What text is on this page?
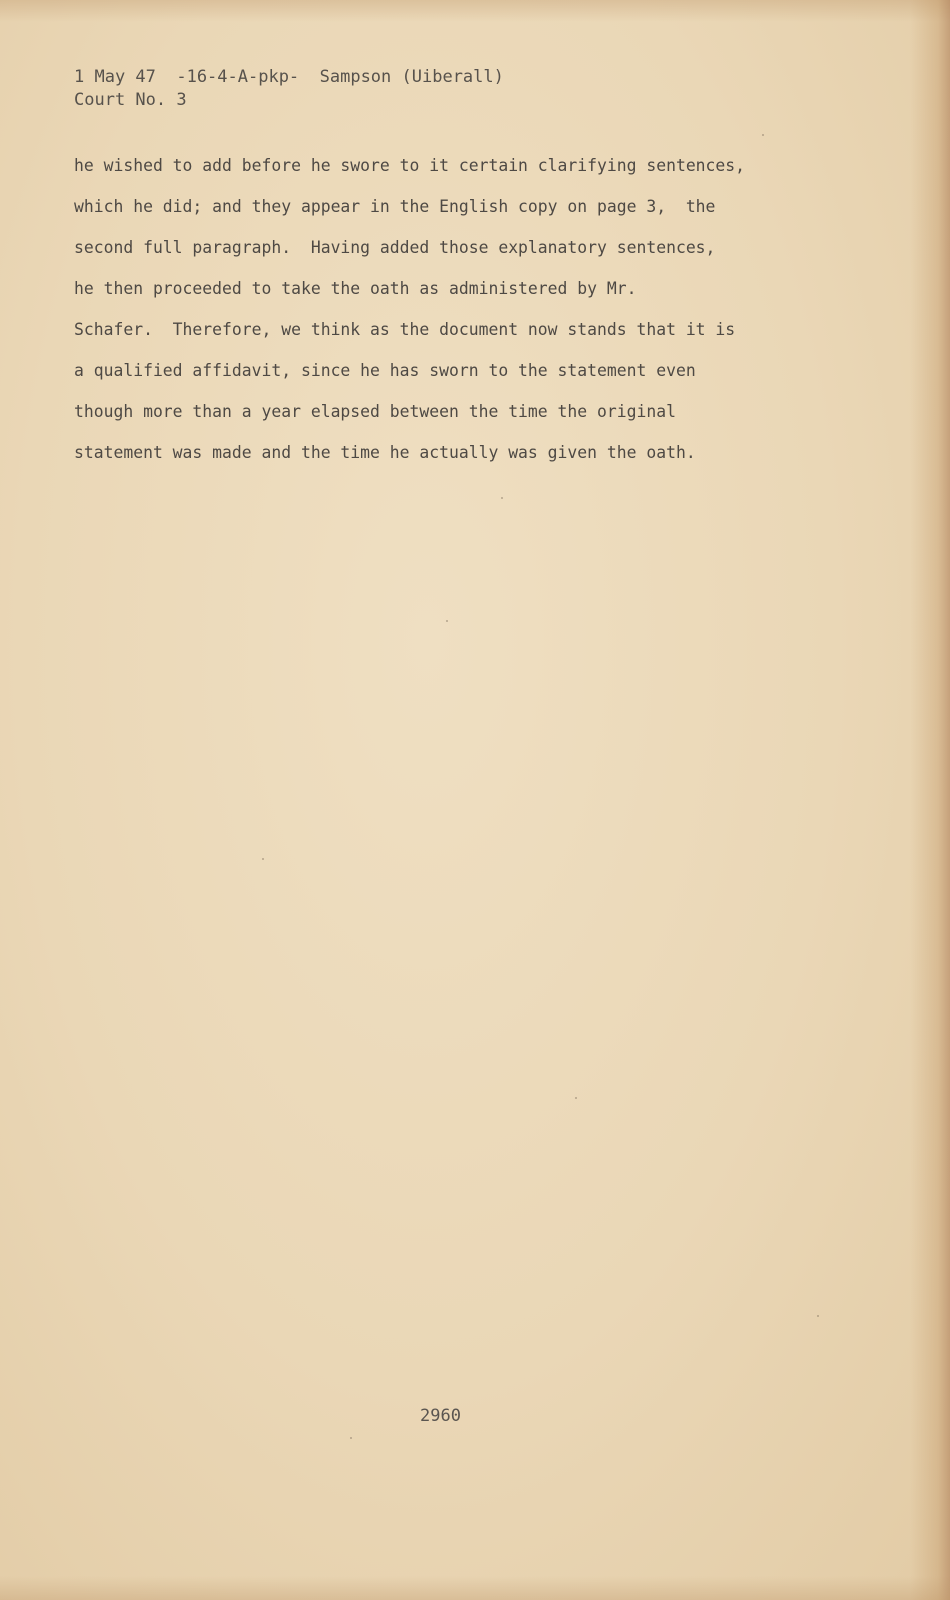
1 May 47  -16-4-A-pkp-  Sampson (Uiberall)
Court No. 3
he wished to add before he swore to it certain clarifying sentences,
which he did; and they appear in the English copy on page 3,  the
second full paragraph.  Having added those explanatory sentences,
he then proceeded to take the oath as administered by Mr.
Schafer.  Therefore, we think as the document now stands that it is
a qualified affidavit, since he has sworn to the statement even
though more than a year elapsed between the time the original
statement was made and the time he actually was given the oath.
2960
